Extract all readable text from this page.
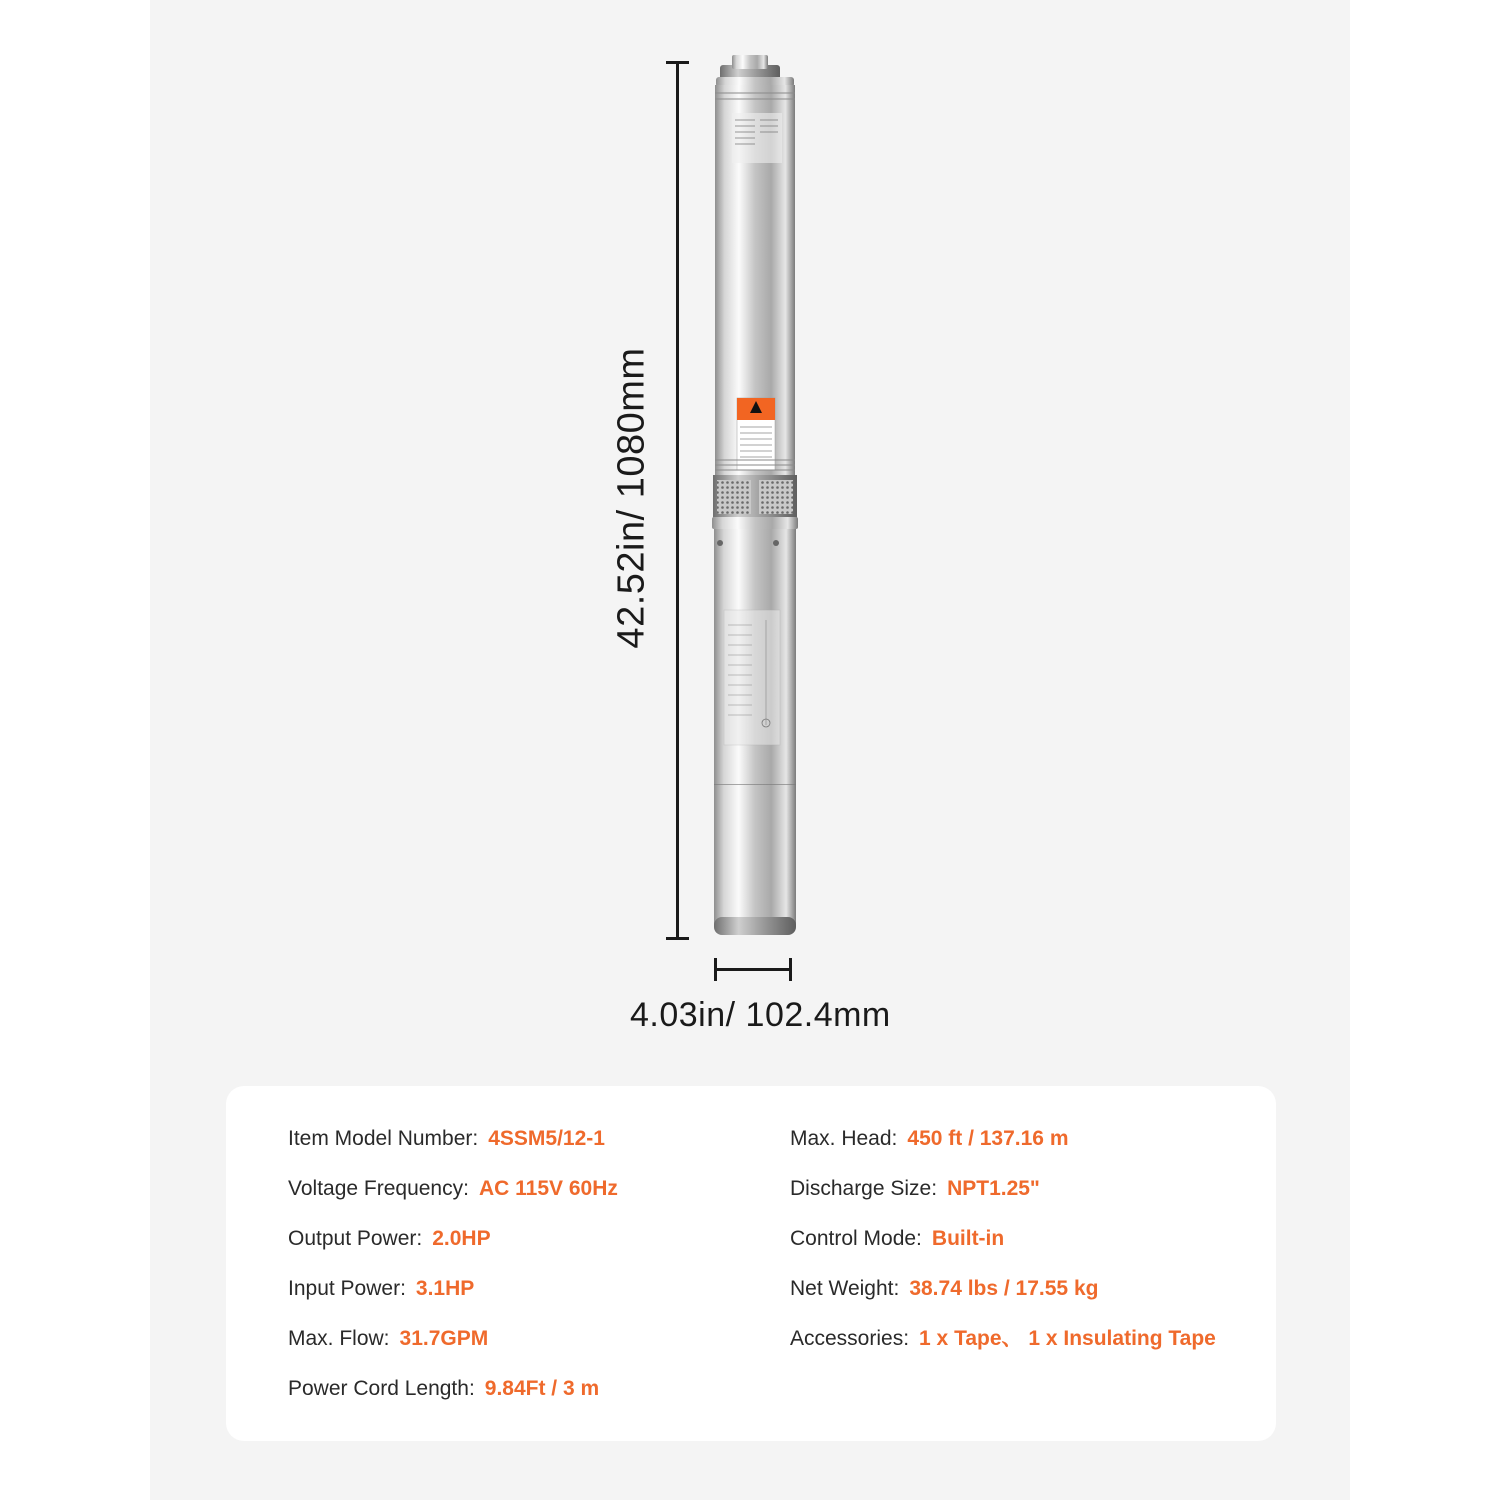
42.52in/ 1080mm
4.03in/ 102.4mm
Item Model Number: 4SSM5/12-1
Voltage Frequency: AC 115V 60Hz
Output Power: 2.0HP
Input Power: 3.1HP
Max. Flow: 31.7GPM
Power Cord Length: 9.84Ft / 3 m
Max. Head: 450 ft / 137.16 m
Discharge Size: NPT1.25"
Control Mode: Built-in
Net Weight: 38.74 lbs / 17.55 kg
Accessories: 1 x Tape、 1 x Insulating Tape
